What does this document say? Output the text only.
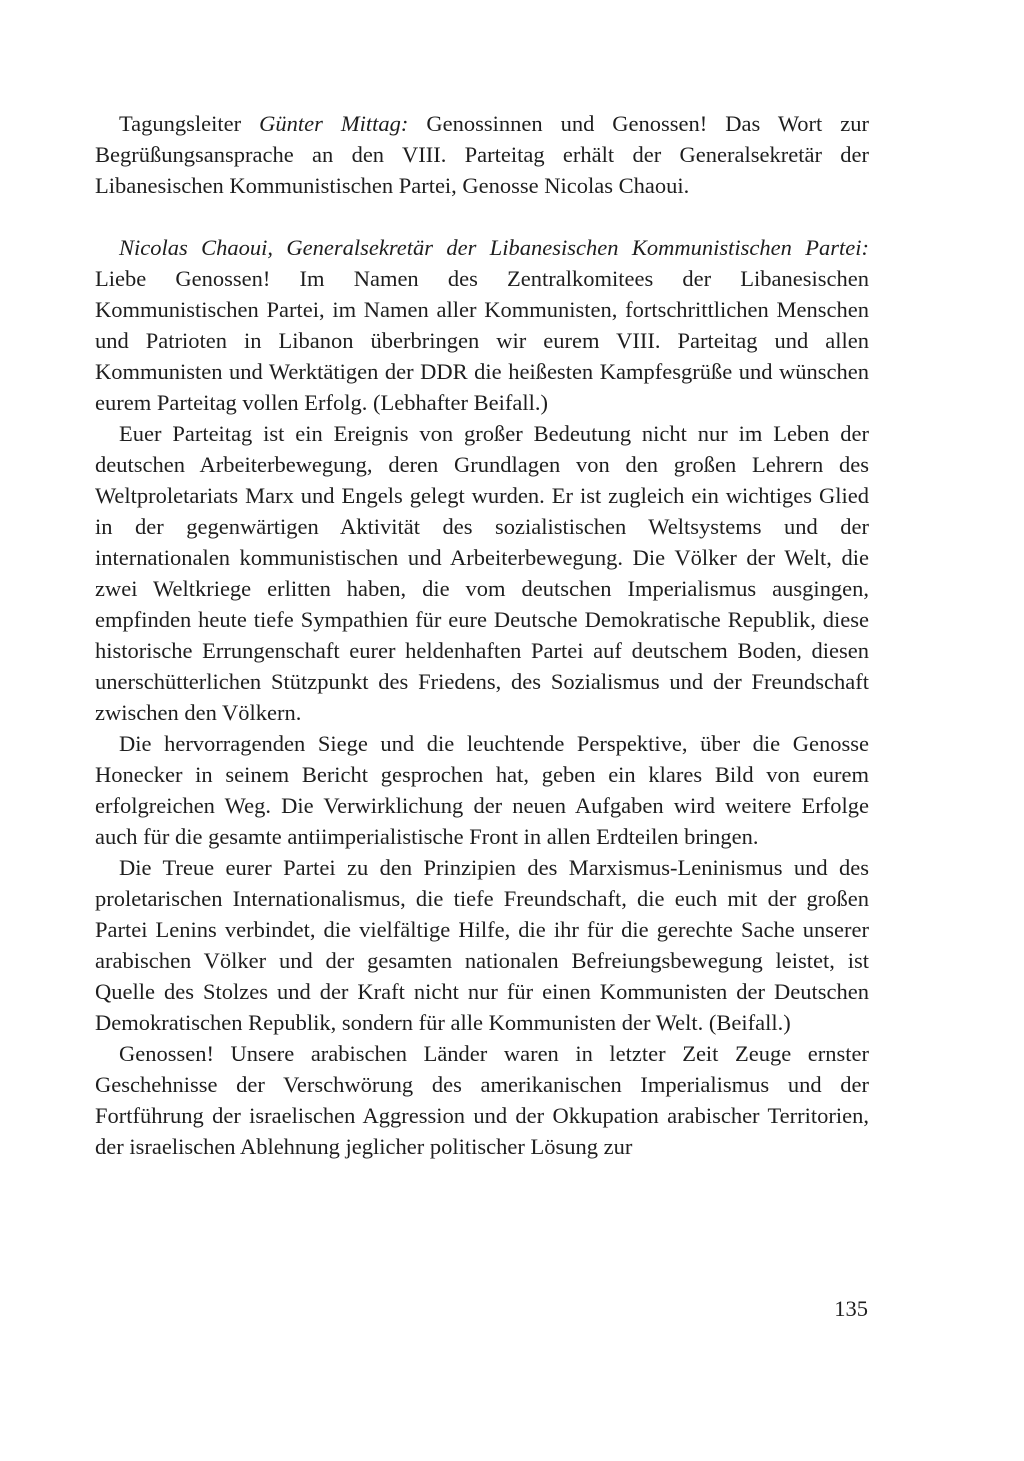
Tagungsleiter Günter Mittag: Genossinnen und Genossen! Das Wort zur Begrüßungsansprache an den VIII. Parteitag erhält der Generalsekretär der Libanesischen Kommunistischen Partei, Genosse Nicolas Chaoui.

Nicolas Chaoui, Generalsekretär der Libanesischen Kommunistischen Partei: Liebe Genossen! Im Namen des Zentralkomitees der Libanesischen Kommunistischen Partei, im Namen aller Kommunisten, fortschrittlichen Menschen und Patrioten in Libanon überbringen wir eurem VIII. Parteitag und allen Kommunisten und Werktätigen der DDR die heißesten Kampfesgrüße und wünschen eurem Parteitag vollen Erfolg. (Lebhafter Beifall.)

Euer Parteitag ist ein Ereignis von großer Bedeutung nicht nur im Leben der deutschen Arbeiterbewegung, deren Grundlagen von den großen Lehrern des Weltproletariats Marx und Engels gelegt wurden. Er ist zugleich ein wichtiges Glied in der gegenwärtigen Aktivität des sozialistischen Weltsystems und der internationalen kommunistischen und Arbeiterbewegung. Die Völker der Welt, die zwei Weltkriege erlitten haben, die vom deutschen Imperialismus ausgingen, empfinden heute tiefe Sympathien für eure Deutsche Demokratische Republik, diese historische Errungenschaft eurer heldenhaften Partei auf deutschem Boden, diesen unerschütterlichen Stützpunkt des Friedens, des Sozialismus und der Freundschaft zwischen den Völkern.

Die hervorragenden Siege und die leuchtende Perspektive, über die Genosse Honecker in seinem Bericht gesprochen hat, geben ein klares Bild von eurem erfolgreichen Weg. Die Verwirklichung der neuen Aufgaben wird weitere Erfolge auch für die gesamte antiimperialistische Front in allen Erdteilen bringen.

Die Treue eurer Partei zu den Prinzipien des Marxismus-Leninismus und des proletarischen Internationalismus, die tiefe Freundschaft, die euch mit der großen Partei Lenins verbindet, die vielfältige Hilfe, die ihr für die gerechte Sache unserer arabischen Völker und der gesamten nationalen Befreiungsbewegung leistet, ist Quelle des Stolzes und der Kraft nicht nur für einen Kommunisten der Deutschen Demokratischen Republik, sondern für alle Kommunisten der Welt. (Beifall.)

Genossen! Unsere arabischen Länder waren in letzter Zeit Zeuge ernster Geschehnisse der Verschwörung des amerikanischen Imperialismus und der Fortführung der israelischen Aggression und der Okkupation arabischer Territorien, der israelischen Ablehnung jeglicher politischer Lösung zur

135
